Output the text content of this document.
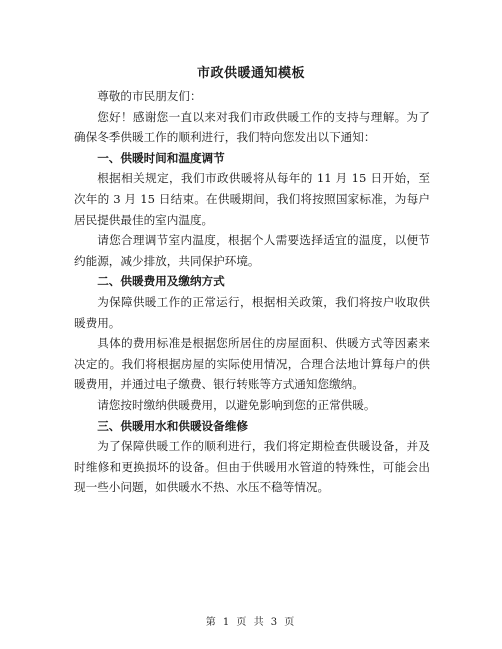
市政供暖通知模板

尊敬的市民朋友们：

您好！感谢您一直以来对我们市政供暖工作的支持与理解。为了确保冬季供暖工作的顺利进行，我们特向您发出以下通知：

一、供暖时间和温度调节

根据相关规定，我们市政供暖将从每年的 11 月 15 日开始，至次年的 3 月 15 日结束。在供暖期间，我们将按照国家标准，为每户居民提供最佳的室内温度。

请您合理调节室内温度，根据个人需要选择适宜的温度，以便节约能源，减少排放，共同保护环境。

二、供暖费用及缴纳方式

为保障供暖工作的正常运行，根据相关政策，我们将按户收取供暖费用。

具体的费用标准是根据您所居住的房屋面积、供暖方式等因素来决定的。我们将根据房屋的实际使用情况，合理合法地计算每户的供暖费用，并通过电子缴费、银行转账等方式通知您缴纳。

请您按时缴纳供暖费用，以避免影响到您的正常供暖。

三、供暖用水和供暖设备维修

为了保障供暖工作的顺利进行，我们将定期检查供暖设备，并及时维修和更换损坏的设备。但由于供暖用水管道的特殊性，可能会出现一些小问题，如供暖水不热、水压不稳等情况。

第 1 页 共 3 页
